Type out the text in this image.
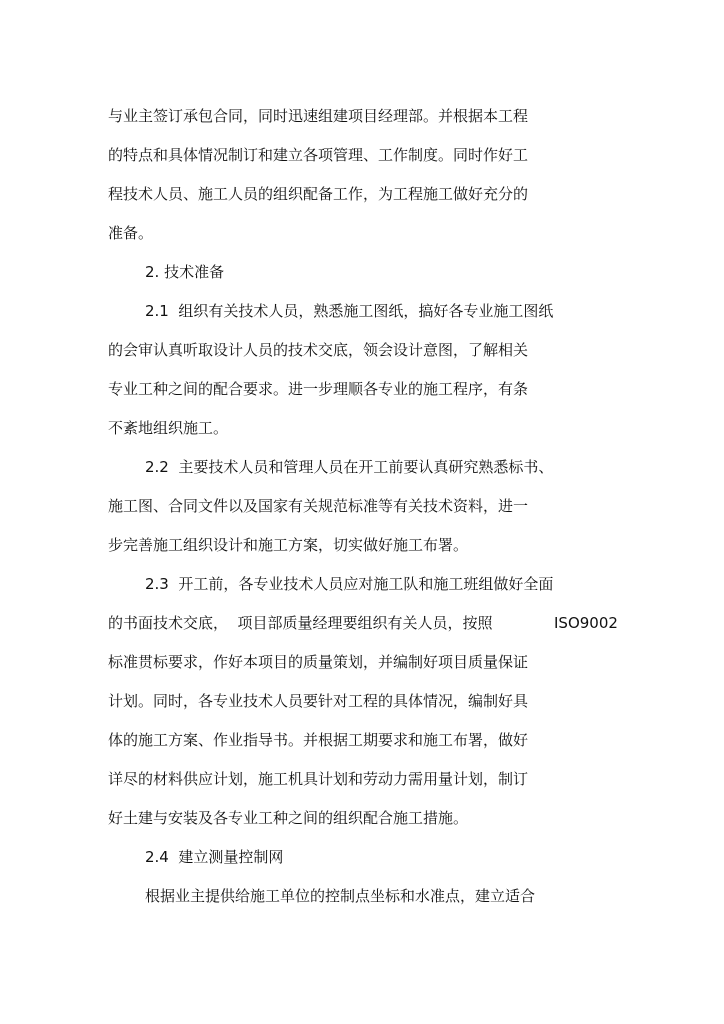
与业主签订承包合同，同时迅速组建项目经理部。并根据本工程
的特点和具体情况制订和建立各项管理、工作制度。同时作好工
程技术人员、施工人员的组织配备工作，为工程施工做好充分的
准备。
2. 技术准备
2.1  组织有关技术人员，熟悉施工图纸，搞好各专业施工图纸
的会审认真听取设计人员的技术交底，领会设计意图，了解相关
专业工种之间的配合要求。进一步理顺各专业的施工程序，有条
不紊地组织施工。
2.2  主要技术人员和管理人员在开工前要认真研究熟悉标书、
施工图、合同文件以及国家有关规范标准等有关技术资料，进一
步完善施工组织设计和施工方案，切实做好施工布署。
2.3  开工前，各专业技术人员应对施工队和施工班组做好全面
的书面技术交底，  项目部质量经理要组织有关人员，按照	ISO9002
标准贯标要求，作好本项目的质量策划，并编制好项目质量保证
计划。同时，各专业技术人员要针对工程的具体情况，编制好具
体的施工方案、作业指导书。并根据工期要求和施工布署，做好
详尽的材料供应计划，施工机具计划和劳动力需用量计划，制订
好土建与安装及各专业工种之间的组织配合施工措施。
2.4  建立测量控制网
根据业主提供给施工单位的控制点坐标和水准点，建立适合
